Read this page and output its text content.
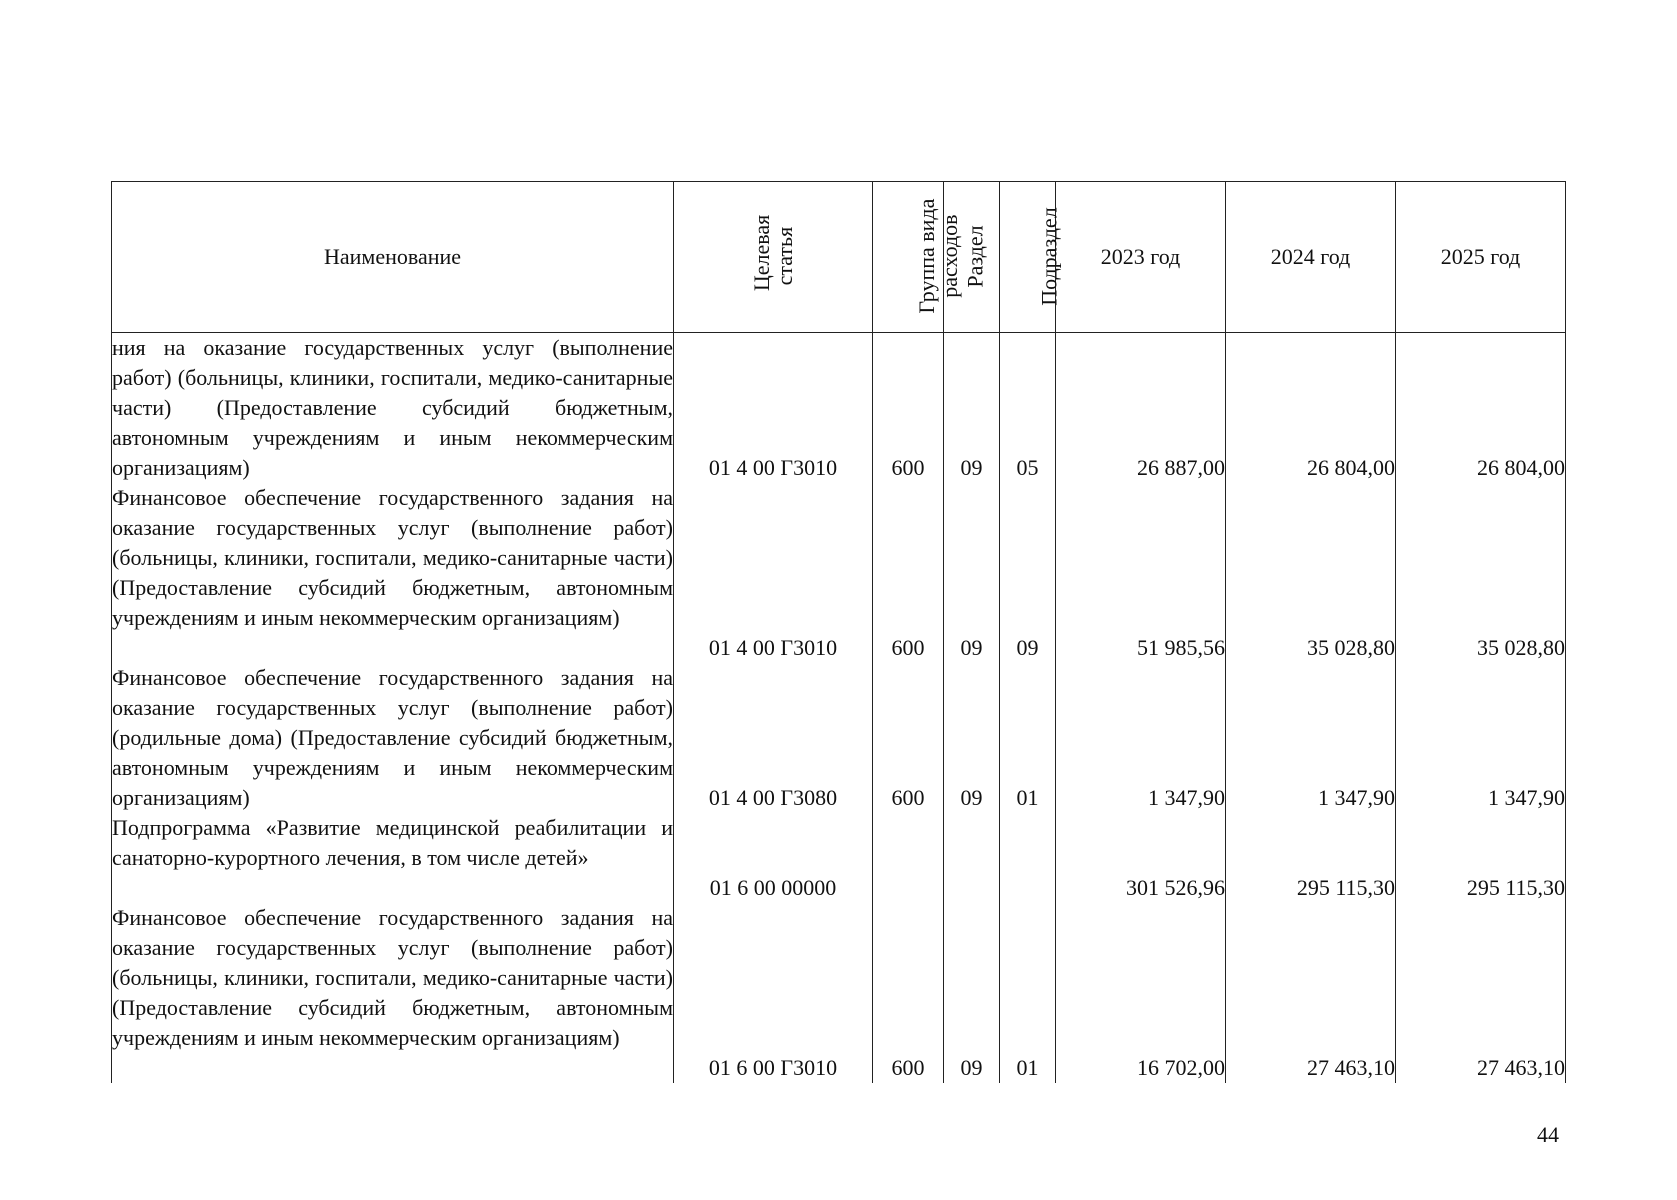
Наименование	Целевая статья	Группа вида расходов	Раздел	Подраздел	2023 год	2024 год	2025 год
ния на оказание государственных услуг (выполнение работ) (больницы, клиники, госпитали, медико-санитарные части) (Предоставление субсидий бюджетным, автономным учреждениям и иным некоммерческим организациям)	01 4 00 Г3010	600	09	05	26 887,00	26 804,00	26 804,00
Финансовое обеспечение государственного задания на оказание государственных услуг (выполнение работ) (больницы, клиники, госпитали, медико-санитарные части) (Предоставление субсидий бюджетным, автономным учреждениям и иным некоммерческим организациям)	01 4 00 Г3010	600	09	09	51 985,56	35 028,80	35 028,80
Финансовое обеспечение государственного задания на оказание государственных услуг (выполнение работ) (родильные дома) (Предоставление субсидий бюджетным, автономным учреждениям и иным некоммерческим организациям)	01 4 00 Г3080	600	09	01	1 347,90	1 347,90	1 347,90
Подпрограмма «Развитие медицинской реабилитации и санаторно-курортного лечения, в том числе детей»	01 6 00 00000				301 526,96	295 115,30	295 115,30
Финансовое обеспечение государственного задания на оказание государственных услуг (выполнение работ) (больницы, клиники, госпитали, медико-санитарные части) (Предоставление субсидий бюджетным, автономным учреждениям и иным некоммерческим организациям)	01 6 00 Г3010	600	09	01	16 702,00	27 463,10	27 463,10
44
